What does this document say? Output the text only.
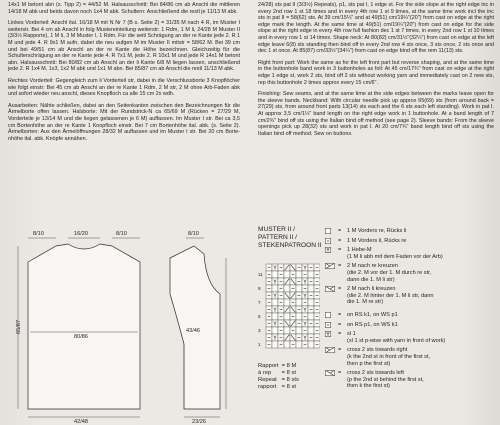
14x1 M betont abn (s. Tipp 2) = 44/52 M. Halsausschnitt: Bei 84/86 cm ab Anschl die mittleren 14/18 M abk und beids davon noch 1x4 M abk. Schultern: Anschließend die restl je 11/13 M abk.

Linkes Vorderteil: Anschl ital. 16/18 M mit N Nr 7 (B s. Seite 2) = 31/35 M nach 4 R, im Muster I weiterstr. Bei 4 cm ab Anschl in folg Mustereinteilung weiterstr: 1 Rdm, 1 M li, 24/28 M Muster II (3/3½ Rapporte), 1 M li, 3 M Muster I, 1 Rdm. Für die seitl Schrägung an der re Kante jede 2. R 1 M und jede 4. R 9x1 M aufn, dabei die neu aufgen M im Muster II mitstr = 58/62 M. Bei 39 cm und bei 49/51 cm ab Anschl an der re Kante die Höhe bezeichnen. Gleichzeitig für die Schulterschrägung an der re Kante jede 4. R 7x1 M, jede 2. R 10x1 M und jede R 14x1 M betont abn. Halsausschnitt: Bei 80/82 cm ab Anschl an der li Kante 6/8 M liegen lassen, anschließend jede 2. R 1x4 M, 1x3, 1x2 M abk und 1x1 M abn. Bei 85/87 cm ab Anschl die restl 11/13 M abk.

Rechtes Vorderteil: Gegengleich zum li Vorderteil str, dabei in die Verschlussborte 3 Knopflöcher wie folgt einstr: Bei 45 cm ab Anschl an der re Kante 1 Rdm, 2 M str, 2 M ohne Arb-Faden abk und sofort wieder neu anschl, dieses Knopfloch ca alle 15 cm 2x wdh.

Ausarbeiten: Nähte schließen, dabei an den Seitenkanten zwischen den Bezeichnungen für die Ärmelborte offen lassen. Halsborte: Mit der Rundstrick-N ca 65/69 M (Rücken = 27/29 M, Vorderteile je 13/14 M und die liegen gelassenen je 6 M) auffassen. Im Muster I str. Bei ca 3,5 cm Bortenhöhe an der re Kante 1 Knopfloch einstr. Bei 7 cm Bortenhöhe ital. abk. (s. Seite 2). Ärmelborten: Aus den Ärmelöffnungen 28/32 M auffassen und im Muster I str. Bei 20 cm Bortenhöhe ital. abk. Knöpfe annähen.

24/28) sts pat II (3/3½) Repeats), p1, sts pat I, 1 edge st. For the side slope at the right edge inc in every 2nd row 1 st 18 times and in every 4th row 1 st 9 times, at the same time work incl the inc sts in pat II = 58(62) sts. At 39 cm/15¼" and at 49(51) cm/19¼"(20") from cast on edge at the right edge mark the length. At the same time at 49(51) cm/19¼"(20") from cast on edge for the side slope at the right edge in every 4th row full fashion dec 1 st 7 times, in every 2nd row 1 st 10 times and in every row 1 st 14 times. Shape neck: At 80(82) cm/31½"(32¼") from cast on edge at the left edge leave 6(8) sts standing then bind off in every 2nd row 4 sts once, 3 sts once, 2 sts once and dec 1 st once. At 85(87) cm/33½"(34¼") from cast on edge bind off the rem 11(13) sts.

Right front part: Work the same as for the left front part but reverse shaping, and at the same time in the buttonhole band work in 3 buttonholes as foll: At 45 cm/17¾" from cast on edge at the right edge 1 edge st, work 2 sts, bind off 2 sts without working yarn and immediately cast on 2 new sts, rep this buttonhole 2 times approx every 15 cm/6".

Finishing: Sew seams, and at the same time at the side edges between the marks leave open for the sleeve bands. Neckband: With circular needle pick up approx 65(69) sts (from around back = 27(29) sts, from around front parts 13(14) sts each and the 6 sts each left standing). Work in pat I. At approx 3,5 cm/1¼" band length on the right edge work in 1 buttonhole. At a band length of 7 cm/2¾" bind off sts using the Italian bind off method (see page 2). Sleeve bands: From the sleeve openings pick up 28(32) sts and work in pat I. At 20 cm/7¾" band length bind off sts using the Italian bind off method. Sew on buttons.

8/10	16/20	8/10
65/87
80/86
42/48
8/10
43/46
23/26
MUSTER II /
PATTERN II /
STEKENPATROON II
11
9
7
5
3
1
= 1 M Vorders re, Rücks li
= 1 M Vorders li, Rücks re
= 1 Hebe-M
(1 M li abh mit dem Faden vor der Arb)
= 2 M nach re kreuzen
(die 2. M vor der 1. M durch re str,
dann die 1. M li str)
= 2 M nach li kreuzen
(die 2. M hinter der 1. M li str, dann
die 1. M re str)
= on RS k1, on WS p1
= on RS p1, on WS k1
= sl 1
(sl 1 st p-wise with yarn in front of work)
= cross 2 sts towards right
(k the 2nd st in front of the first st,
then p the first st)
= cross 2 sts towards left
(p the 2nd st behind the first st,
then k the first st)
Rapport	= 8 M
à rep	= 8 st
Repeat	= 8 sts
rapport	= 8 st
